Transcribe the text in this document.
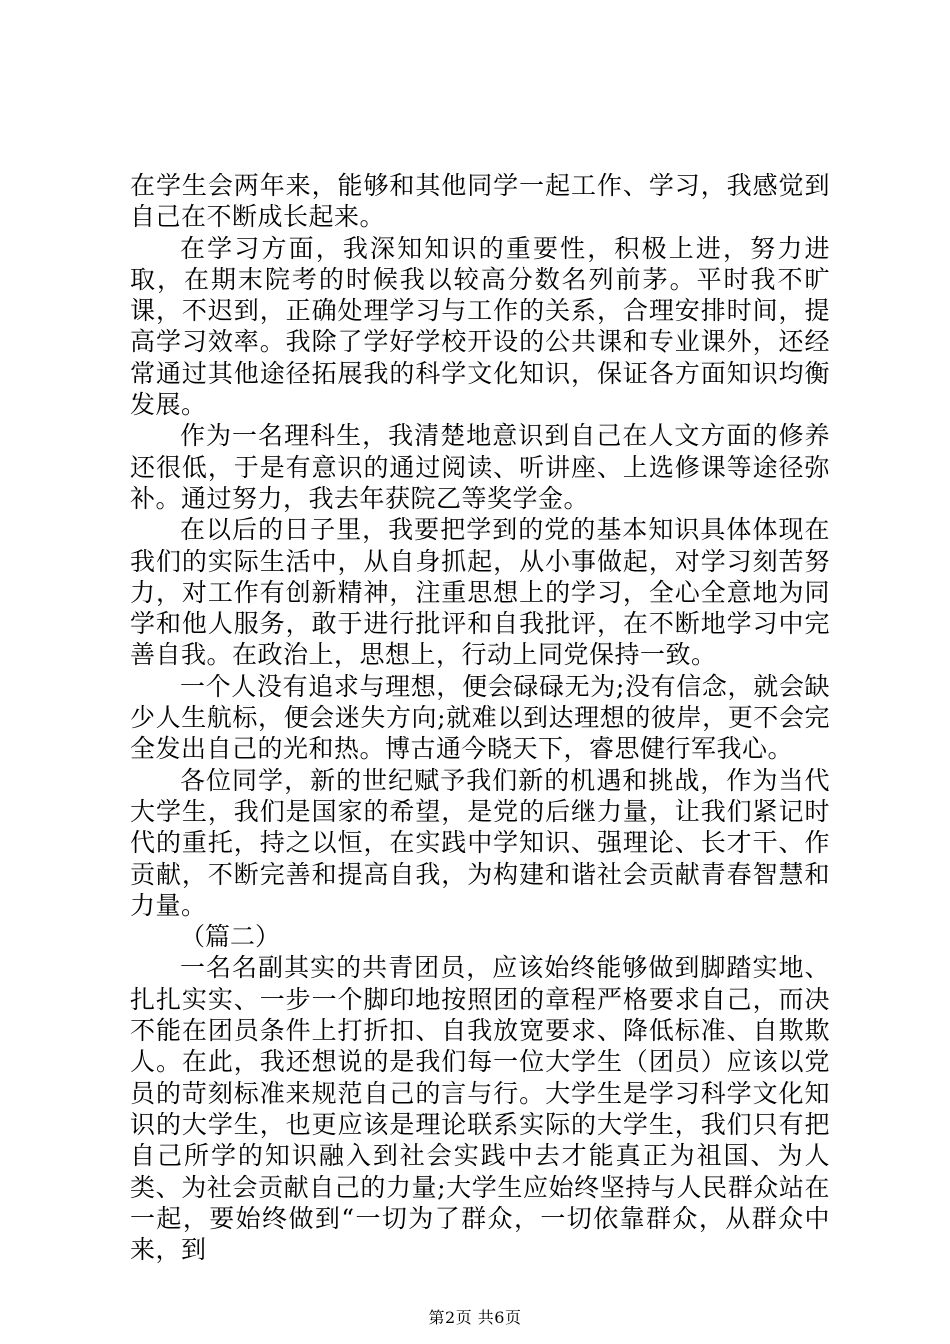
在学生会两年来，能够和其他同学一起工作、学习，我感觉到自己在不断成长起来。

在学习方面，我深知知识的重要性，积极上进，努力进取，在期末院考的时候我以较高分数名列前茅。平时我不旷课，不迟到，正确处理学习与工作的关系，合理安排时间，提高学习效率。我除了学好学校开设的公共课和专业课外，还经常通过其他途径拓展我的科学文化知识，保证各方面知识均衡发展。

作为一名理科生，我清楚地意识到自己在人文方面的修养还很低，于是有意识的通过阅读、听讲座、上选修课等途径弥补。通过努力，我去年获院乙等奖学金。

在以后的日子里，我要把学到的党的基本知识具体体现在我们的实际生活中，从自身抓起，从小事做起，对学习刻苦努力，对工作有创新精神，注重思想上的学习，全心全意地为同学和他人服务，敢于进行批评和自我批评，在不断地学习中完善自我。在政治上，思想上，行动上同党保持一致。

一个人没有追求与理想，便会碌碌无为;没有信念，就会缺少人生航标，便会迷失方向;就难以到达理想的彼岸，更不会完全发出自己的光和热。博古通今晓天下，睿思健行军我心。

各位同学，新的世纪赋予我们新的机遇和挑战，作为当代大学生，我们是国家的希望，是党的后继力量，让我们紧记时代的重托，持之以恒，在实践中学知识、强理论、长才干、作贡献，不断完善和提高自我，为构建和谐社会贡献青春智慧和力量。

（篇二）

一名名副其实的共青团员，应该始终能够做到脚踏实地、扎扎实实、一步一个脚印地按照团的章程严格要求自己，而决不能在团员条件上打折扣、自我放宽要求、降低标准、自欺欺人。在此，我还想说的是我们每一位大学生（团员）应该以党员的苛刻标准来规范自己的言与行。大学生是学习科学文化知识的大学生，也更应该是理论联系实际的大学生，我们只有把自己所学的知识融入到社会实践中去才能真正为祖国、为人类、为社会贡献自己的力量;大学生应始终坚持与人民群众站在一起，要始终做到“一切为了群众，一切依靠群众，从群众中来，到

第2页 共6页
